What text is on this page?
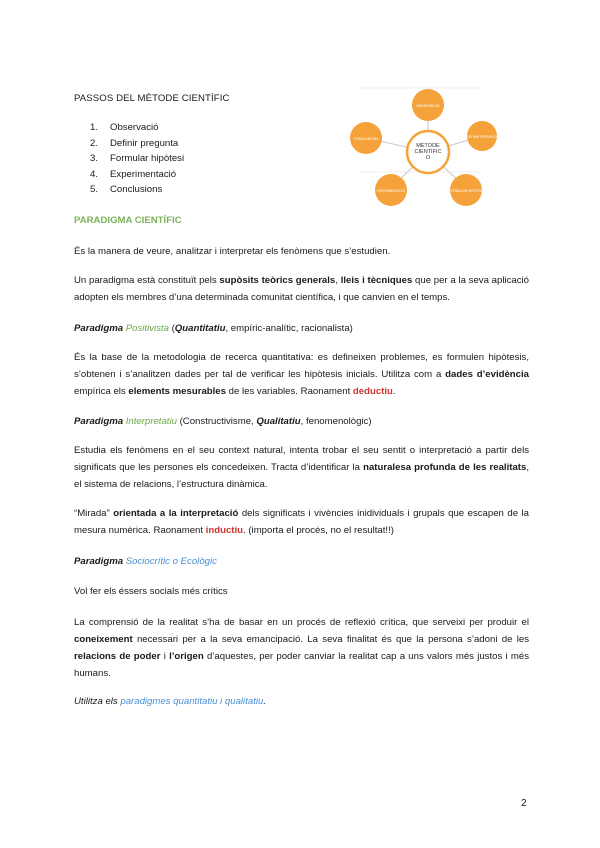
PASSOS DEL MÈTODE CIENTÍFIC
1.	Observació
2.	Definir pregunta
3.	Formular hipòtesi
4.	Experimentació
5.	Conclusions
MÈTODE
CIENTÍFIC
O
OBSERVACIÓ
DEFINIR PREGUNTA
FORMULAR HIPÒTESI
EXPERIMENTACIÓ
CONCLUSIONS
PARADIGMA CIENTÍFIC
És la manera de veure, analitzar i interpretar els fenòmens que s’estudien.
Un paradigma està constituït pels supòsits teòrics generals, lleis i tècniques que per a la seva aplicació adopten els membres d’una determinada comunitat científica, i que canvien en el temps.
Paradigma Positivista (Quantitatiu, empíric-analític, racionalista)
És la base de la metodologia de recerca quantitativa: es defineixen problemes, es formulen hipòtesis, s’obtenen i s’analitzen dades per tal de verificar les hipòtesis inicials. Utilitza com a dades d’evidència empírica els elements mesurables de les variables. Raonament deductiu.
Paradigma Interpretatiu (Constructivisme, Qualitatiu, fenomenològic)
Estudia els fenòmens en el seu context natural, intenta trobar el seu sentit o interpretació a partir dels significats que les persones els concedeixen. Tracta d’identificar la naturalesa profunda de les realitats, el sistema de relacions, l’estructura dinàmica.
“Mirada” orientada a la interpretació dels significats i vivències inidividuals i grupals que escapen de la mesura numèrica. Raonament inductiu. (importa el procés, no el resultat!!)
Paradigma Sociocrític o Ecològic
Vol fer els éssers socials més crítics
La comprensió de la realitat s’ha de basar en un procés de reflexió crítica, que serveixi per produir el coneixement necessari per a la seva emancipació. La seva finalitat és que la persona s’adoni de les relacions de poder i l’origen d’aquestes, per poder canviar la realitat cap a uns valors més justos i més humans.
Utilitza els paradigmes quantitatiu i qualitatiu.
2
